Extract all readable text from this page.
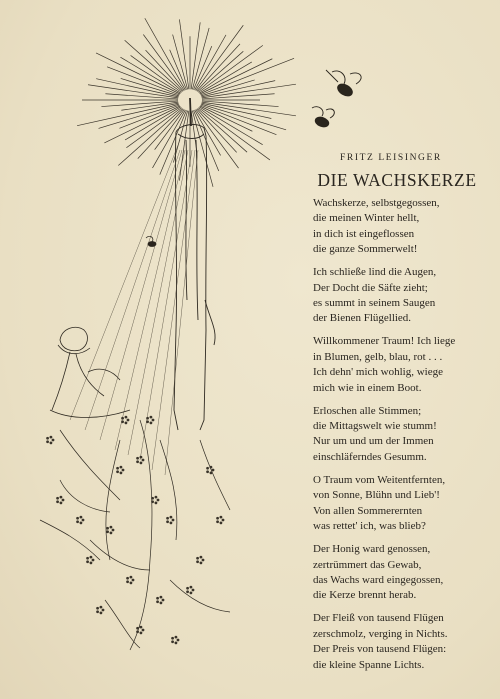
FRITZ LEISINGER
DIE WACHSKERZE
Wachskerze, selbstgegossen,
die meinen Winter hellt,
in dich ist eingeflossen
die ganze Sommerwelt!
Ich schließe lind die Augen,
Der Docht die Säfte zieht;
es summt in seinem Saugen
der Bienen Flügellied.
Willkommener Traum! Ich liege
in Blumen, gelb, blau, rot . . .
Ich dehn' mich wohlig, wiege
mich wie in einem Boot.
Erloschen alle Stimmen;
die Mittagswelt wie stumm!
Nur um und um der Immen
einschläferndes Gesumm.
O Traum vom Weitentfernten,
von Sonne, Blühn und Lieb'!
Von allen Sommerernten
was rettet' ich, was blieb?
Der Honig ward genossen,
zertrümmert das Gewab,
das Wachs ward eingegossen,
die Kerze brennt herab.
Der Fleiß von tausend Flügen
zerschmolz, verging in Nichts.
Der Preis von tausend Flügen:
die kleine Spanne Lichts.
